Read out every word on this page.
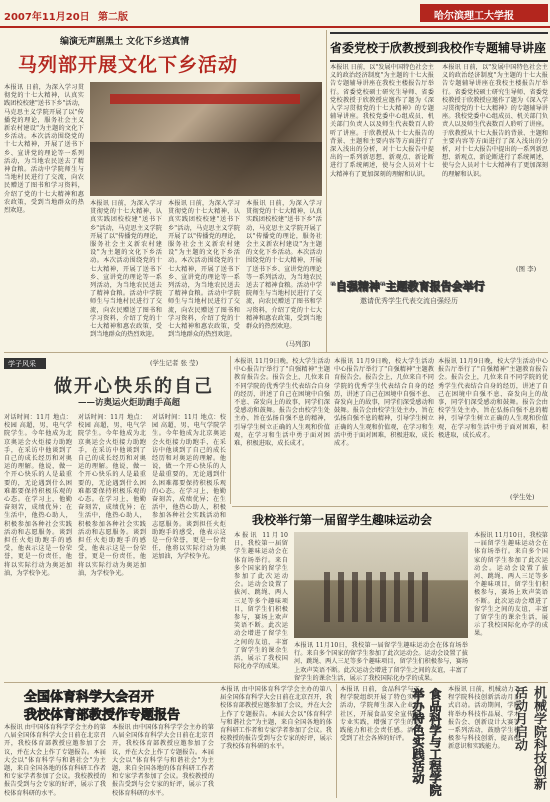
2007年11月20日 第二版	哈尔滨理工大学报
编演无声剧黑土 文化下乡送真情
马列部开展文化下乡活动
本报讯 日前，为深入学习贯彻党的十七大精神，认真实践团校校建"送书下乡"活动，马克思主义学院开展了以"传播党的理论，服务社会主义新农村建设"为主题的文化下乡活动。本次活动围绕党的十七大精神，开展了送书下乡、宣讲党的理论等一系列活动，为当地农民送去了精神食粮。活动中学院师生与当地村民进行了交流，向农民赠送了图书和学习资料，介绍了党的十七大精神和惠农政策，受到当地群众的热烈欢迎。
本报讯 日前，为深入学习贯彻党的十七大精神，认真实践团校校建"送书下乡"活动，马克思主义学院开展了以"传播党的理论，服务社会主义新农村建设"为主题的文化下乡活动。本次活动围绕党的十七大精神，开展了送书下乡、宣讲党的理论等一系列活动，为当地农民送去了精神食粮。活动中学院师生与当地村民进行了交流，向农民赠送了图书和学习资料，介绍了党的十七大精神和惠农政策，受到当地群众的热烈欢迎。
本报讯 日前，为深入学习贯彻党的十七大精神，认真实践团校校建"送书下乡"活动，马克思主义学院开展了以"传播党的理论，服务社会主义新农村建设"为主题的文化下乡活动。本次活动围绕党的十七大精神，开展了送书下乡、宣讲党的理论等一系列活动，为当地农民送去了精神食粮。活动中学院师生与当地村民进行了交流，向农民赠送了图书和学习资料，介绍了党的十七大精神和惠农政策，受到当地群众的热烈欢迎。
本报讯 日前，为深入学习贯彻党的十七大精神，认真实践团校校建"送书下乡"活动，马克思主义学院开展了以"传播党的理论，服务社会主义新农村建设"为主题的文化下乡活动。本次活动围绕党的十七大精神，开展了送书下乡、宣讲党的理论等一系列活动，为当地农民送去了精神食粮。活动中学院师生与当地村民进行了交流，向农民赠送了图书和学习资料，介绍了党的十七大精神和惠农政策，受到当地群众的热烈欢迎。
(马列部)
省委党校于欣教授到我校作专题辅导讲座
本报讯 日前，以"发展中国特色社会主义的政治经济制度"为主题的十七大报告专题辅导讲座在我校主楼报告厅举行。省委党校硕士研究生导师、省委党校教授于欣教授应邀作了题为《深入学习贯彻党的十七大精神》的专题辅导讲座。我校党委中心组成员、机关部门负责人以及师生代表数百人聆听了讲座。于欣教授从十七大报告的背景、主题和主要内容等方面进行了深入浅出的分析，对十七大报告中提出的一系列新思想、新观点、新论断进行了系统阐述，使与会人员对十七大精神有了更加深刻的理解和认识。
本报讯 日前，以"发展中国特色社会主义的政治经济制度"为主题的十七大报告专题辅导讲座在我校主楼报告厅举行。省委党校硕士研究生导师、省委党校教授于欣教授应邀作了题为《深入学习贯彻党的十七大精神》的专题辅导讲座。我校党委中心组成员、机关部门负责人以及师生代表数百人聆听了讲座。于欣教授从十七大报告的背景、主题和主要内容等方面进行了深入浅出的分析，对十七大报告中提出的一系列新思想、新观点、新论断进行了系统阐述，使与会人员对十七大精神有了更加深刻的理解和认识。
(图 李)
"自强精神"主题教育报告会举行
邀请优秀学生代表交流自强经历
学子风采
做开心快乐的自己
——访奥运火炬助跑手高超
对话时间：11月 地点：校园 高超，男，电气学院学生。今年他成为北京奥运会火炬接力助跑手，在采访中他谈到了自己的成长经历和对奥运的理解。他说，做一个开心快乐的人是最重要的，无论遇到什么困难都要保持积极乐观的心态。在学习上，他勤奋刻苦，成绩优异；在生活中，他热心助人，积极参加各种社会实践活动和志愿服务。谈到担任火炬助跑手的感受，他表示这是一份荣誉，更是一份责任，他将以实际行动为奥运加油，为学校争光。
对话时间：11月 地点：校园 高超，男，电气学院学生。今年他成为北京奥运会火炬接力助跑手，在采访中他谈到了自己的成长经历和对奥运的理解。他说，做一个开心快乐的人是最重要的，无论遇到什么困难都要保持积极乐观的心态。在学习上，他勤奋刻苦，成绩优异；在生活中，他热心助人，积极参加各种社会实践活动和志愿服务。谈到担任火炬助跑手的感受，他表示这是一份荣誉，更是一份责任，他将以实际行动为奥运加油，为学校争光。
对话时间：11月 地点：校园 高超，男，电气学院学生。今年他成为北京奥运会火炬接力助跑手，在采访中他谈到了自己的成长经历和对奥运的理解。他说，做一个开心快乐的人是最重要的，无论遇到什么困难都要保持积极乐观的心态。在学习上，他勤奋刻苦，成绩优异；在生活中，他热心助人，积极参加各种社会实践活动和志愿服务。谈到担任火炬助跑手的感受，他表示这是一份荣誉，更是一份责任，他将以实际行动为奥运加油，为学校争光。
(学生记者 张 莹)	本报讯 11月9日晚，校大学生活动中心报告厅举行了"自强精神"主题教育报告会。报告会上，几位来自不同学院的优秀学生代表结合自身的经历，讲述了自己在困境中自强不息、奋发向上的故事，同学们深受感动和鼓舞。报告会由校学生处主办，旨在弘扬自强不息的精神，引导学生树立正确的人生观和价值观，在学习和生活中勇于面对困难，积极进取，成长成才。
本报讯 11月9日晚，校大学生活动中心报告厅举行了"自强精神"主题教育报告会。报告会上，几位来自不同学院的优秀学生代表结合自身的经历，讲述了自己在困境中自强不息、奋发向上的故事，同学们深受感动和鼓舞。报告会由校学生处主办，旨在弘扬自强不息的精神，引导学生树立正确的人生观和价值观，在学习和生活中勇于面对困难，积极进取，成长成才。
本报讯 11月9日晚，校大学生活动中心报告厅举行了"自强精神"主题教育报告会。报告会上，几位来自不同学院的优秀学生代表结合自身的经历，讲述了自己在困境中自强不息、奋发向上的故事，同学们深受感动和鼓舞。报告会由校学生处主办，旨在弘扬自强不息的精神，引导学生树立正确的人生观和价值观，在学习和生活中勇于面对困难，积极进取，成长成才。
(学生处)
我校举行第一届留学生趣味运动会
本报讯 11月10日，我校第一届留学生趣味运动会在体育场举行。来自多个国家的留学生参加了此次运动会。运动会设置了拔河、跳绳、两人三足等多个趣味项目，留学生们积极参与，赛场上欢声笑语不断。此次运动会增进了留学生之间的友谊，丰富了留学生的课余生活，展示了我校国际化办学的成果。
本报讯 11月10日，我校第一届留学生趣味运动会在体育场举行。来自多个国家的留学生参加了此次运动会。运动会设置了拔河、跳绳、两人三足等多个趣味项目，留学生们积极参与，赛场上欢声笑语不断。此次运动会增进了留学生之间的友谊，丰富了留学生的课余生活，展示了我校国际化办学的成果。
本报讯 11月10日，我校第一届留学生趣味运动会在体育场举行。来自多个国家的留学生参加了此次运动会。运动会设置了拔河、跳绳、两人三足等多个趣味项目，留学生们积极参与，赛场上欢声笑语不断。此次运动会增进了留学生之间的友谊，丰富了留学生的课余生活，展示了我校国际化办学的成果。
全国体育科学大会召开
我校体育部教授作专题报告
本报讯 由中国体育科学学会主办的第八届全国体育科学大会日前在北京召开，我校体育部教授应邀参加了会议，并在大会上作了专题报告。本届大会以"体育科学与和谐社会"为主题，来自全国各地的体育科研工作者和专家学者参加了会议。我校教授的报告受到与会专家的好评，展示了我校体育科研的水平。
本报讯 由中国体育科学学会主办的第八届全国体育科学大会日前在北京召开，我校体育部教授应邀参加了会议，并在大会上作了专题报告。本届大会以"体育科学与和谐社会"为主题，来自全国各地的体育科研工作者和专家学者参加了会议。我校教授的报告受到与会专家的好评，展示了我校体育科研的水平。
本报讯 由中国体育科学学会主办的第八届全国体育科学大会日前在北京召开，我校体育部教授应邀参加了会议，并在大会上作了专题报告。本届大会以"体育科学与和谐社会"为主题，来自全国各地的体育科研工作者和专家学者参加了会议。我校教授的报告受到与会专家的好评，展示了我校体育科研的水平。
本报讯 日前，食品科学与工程学院组织开展了特色实践活动，学院师生深入企业和社区，开展食品安全宣传和专业实践，增强了学生的实践能力和社会责任感。活动受到了社会各界的好评。	食品科学与工程学院举办特色实践活动	本报讯 日前，机械动力工程学院科技创新活动月正式启动。活动期间，学院将举办科技作品展、学术报告会、创新设计大赛等一系列活动，鼓励学生积极参与科技创新，提高创新意识和实践能力。	机械学院科技创新活动月启动
